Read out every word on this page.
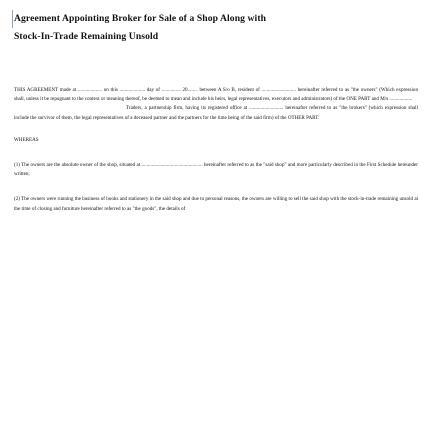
Agreement Appointing Broker for Sale of a Shop Along with
Stock-In-Trade Remaining Unsold

THIS AGREEMENT made at ................... on this .................... day of ............... 20........ between A S/o B, resident of ........................... hereinafter referred to as "the owners" (Which expression shall, unless it be repugnant to the context or meaning thereof, be deemed to mean and include his heirs, legal representatives, executors and administrators) of the ONE PART and M/s ..................

Traders, a partnership firm, having its registered office at ........................... hereinafter referred to as "the brokers" (which expression shall include the survivor of them, the legal representatives of a deceased partner and the partners for the time being of the said firm) of the OTHER PART:

WHEREAS

(1) The owners are the absolute owner of the shop, situated at ................................................ hereinafter referred to as the "said shop" and more particularly described in the First Schedule hereunder written;

(2) The owners were running the business of books and stationery in the said shop and due to personal reasons, the owners are willing to sell the said shop with the stock-in-trade remaining unsold at the time of closing and furniture hereinafter referred to as "the goods", the details of
